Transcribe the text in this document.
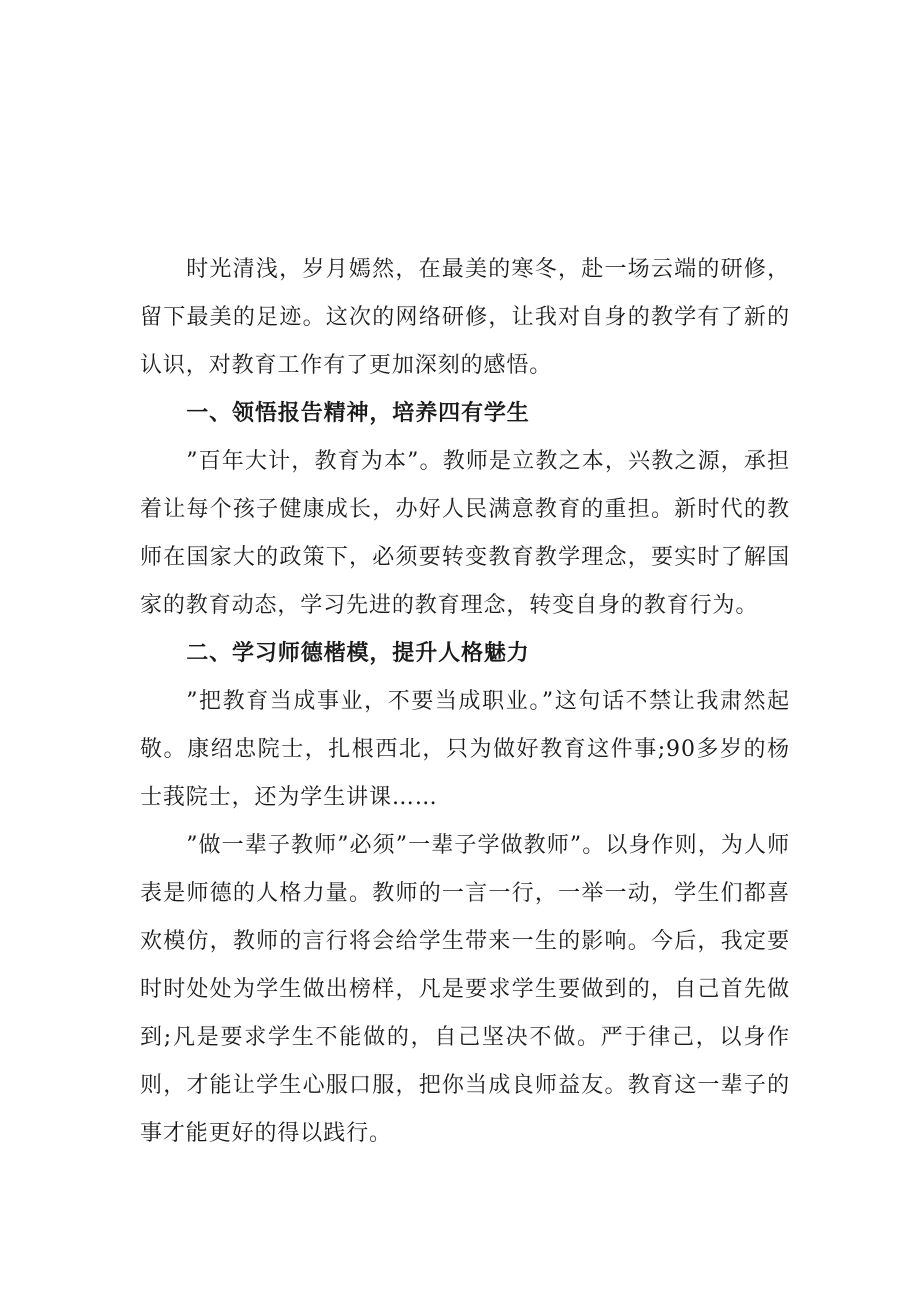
时光清浅，岁月嫣然，在最美的寒冬，赴一场云端的研修，留下最美的足迹。这次的网络研修，让我对自身的教学有了新的认识，对教育工作有了更加深刻的感悟。

一、领悟报告精神，培养四有学生

”百年大计，教育为本”。教师是立教之本，兴教之源，承担着让每个孩子健康成长，办好人民满意教育的重担。新时代的教师在国家大的政策下，必须要转变教育教学理念，要实时了解国家的教育动态，学习先进的教育理念，转变自身的教育行为。

二、学习师德楷模，提升人格魅力

”把教育当成事业，不要当成职业。”这句话不禁让我肃然起敬。康绍忠院士，扎根西北，只为做好教育这件事;90多岁的杨士莪院士，还为学生讲课……

”做一辈子教师”必须”一辈子学做教师”。以身作则，为人师表是师德的人格力量。教师的一言一行，一举一动，学生们都喜欢模仿，教师的言行将会给学生带来一生的影响。今后，我定要时时处处为学生做出榜样，凡是要求学生要做到的，自己首先做到;凡是要求学生不能做的，自己坚决不做。严于律己，以身作则，才能让学生心服口服，把你当成良师益友。教育这一辈子的事才能更好的得以践行。
